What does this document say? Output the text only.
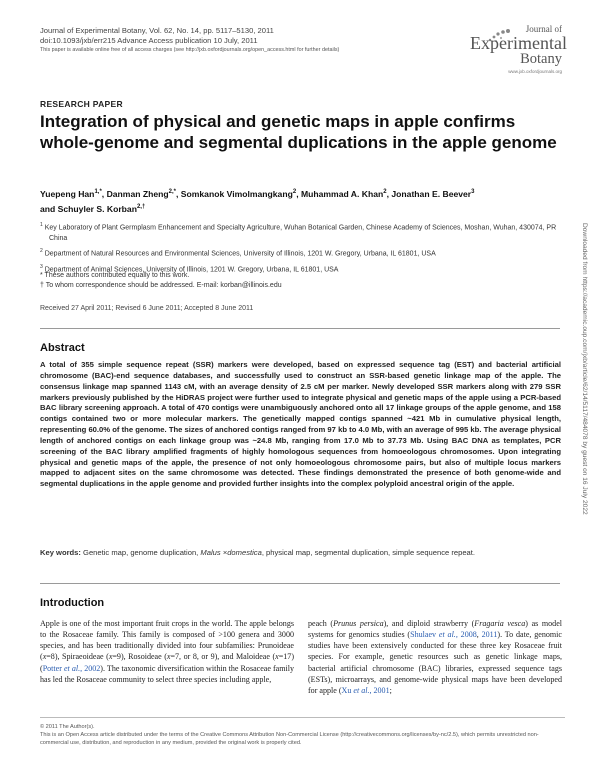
Journal of Experimental Botany, Vol. 62, No. 14, pp. 5117–5130, 2011
doi:10.1093/jxb/err215 Advance Access publication 10 July, 2011
This paper is available online free of all access charges (see http://jxb.oxfordjournals.org/open_access.html for further details)
Journal of
Experimental
Botany
www.jxb.oxfordjournals.org
RESEARCH PAPER
Integration of physical and genetic maps in apple confirms whole-genome and segmental duplications in the apple genome
Yuepeng Han$^{1,*}$, Danman Zheng$^{2,*}$, Somkanok Vimolmangkang$^2$, Muhammad A. Khan$^2$, Jonathan E. Beever$^3$
and Schuyler S. Korban$^{2,\dagger}$
$^1$ Key Laboratory of Plant Germplasm Enhancement and Specialty Agriculture, Wuhan Botanical Garden, Chinese Academy of Sciences, Moshan, Wuhan, 430074, PR China
$^2$ Department of Natural Resources and Environmental Sciences, University of Illinois, 1201 W. Gregory, Urbana, IL 61801, USA
$^3$ Department of Animal Sciences, University of Illinois, 1201 W. Gregory, Urbana, IL 61801, USA
* These authors contributed equally to this work.
† To whom correspondence should be addressed. E-mail: korban@illinois.edu
Received 27 April 2011; Revised 6 June 2011; Accepted 8 June 2011
Abstract
A total of 355 simple sequence repeat (SSR) markers were developed, based on expressed sequence tag (EST) and bacterial artificial chromosome (BAC)-end sequence databases, and successfully used to construct an SSR-based genetic linkage map of the apple. The consensus linkage map spanned 1143 cM, with an average density of 2.5 cM per marker. Newly developed SSR markers along with 279 SSR markers previously published by the HiDRAS project were further used to integrate physical and genetic maps of the apple using a PCR-based BAC library screening approach. A total of 470 contigs were unambiguously anchored onto all 17 linkage groups of the apple genome, and 158 contigs contained two or more molecular markers. The genetically mapped contigs spanned ~421 Mb in cumulative physical length, representing 60.0% of the genome. The sizes of anchored contigs ranged from 97 kb to 4.0 Mb, with an average of 995 kb. The average physical length of anchored contigs on each linkage group was ~24.8 Mb, ranging from 17.0 Mb to 37.73 Mb. Using BAC DNA as templates, PCR screening of the BAC library amplified fragments of highly homologous sequences from homoeologous chromosomes. Upon integrating physical and genetic maps of the apple, the presence of not only homoeologous chromosome pairs, but also of multiple locus markers mapped to adjacent sites on the same chromosome was detected. These findings demonstrated the presence of both genome-wide and segmental duplications in the apple genome and provided further insights into the complex polyploid ancestral origin of the apple.
Key words: Genetic map, genome duplication, Malus ×domestica, physical map, segmental duplication, simple sequence repeat.
Introduction
Apple is one of the most important fruit crops in the world. The apple belongs to the Rosaceae family. This family is composed of >100 genera and 3000 species, and has been traditionally divided into four subfamilies: Prunoideae (x=8), Spiraeoideae (x=9), Rosoideae (x=7, or 8, or 9), and Maloideae (x=17) (Potter et al., 2002). The taxonomic diversification within the Rosaceae family has led the Rosaceae community to select three species including apple,
peach (Prunus persica), and diploid strawberry (Fragaria vesca) as model systems for genomics studies (Shulaev et al., 2008, 2011). To date, genomic studies have been extensively conducted for these three key Rosaceae fruit species. For example, genetic resources such as genetic linkage maps, bacterial artificial chromosome (BAC) libraries, expressed sequence tags (ESTs), microarrays, and genome-wide physical maps have been developed for apple (Xu et al., 2001;
© 2011 The Author(s).
This is an Open Access article distributed under the terms of the Creative Commons Attribution Non-Commercial License (http://creativecommons.org/licenses/by-nc/2.5), which permits unrestricted non-commercial use, distribution, and reproduction in any medium, provided the original work is properly cited.
Downloaded from https://academic.oup.com/jxb/article/62/14/5117/484078 by guest on 16 July 2022
